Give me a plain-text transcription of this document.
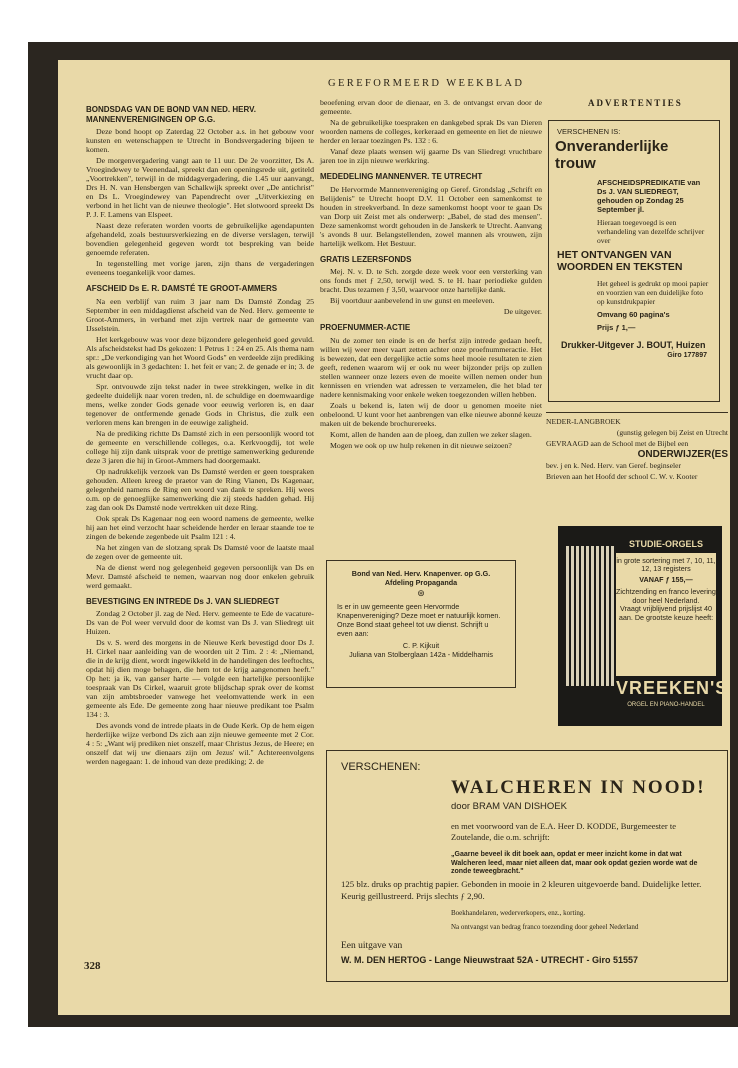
GEREFORMEERD WEEKBLAD
BONDSDAG VAN DE BOND VAN NED. HERV. MANNENVERENIGINGEN OP G.G.

Deze bond hoopt op Zaterdag 22 October a.s. in het gebouw voor kunsten en wetenschappen te Utrecht in Bondsvergadering bijeen te komen.

De morgenvergadering vangt aan te 11 uur. De 2e voorzitter, Ds A. Vroegindewey te Veenendaal, spreekt dan een openingsrede uit, getiteld „Voortrekken", terwijl in de middagvergadering, die 1.45 uur aanvangt, Drs H. N. van Hensbergen van Schalkwijk spreekt over „De antichrist" en Ds L. Vroegindewey van Papendrecht over „Uitverkiezing en verbond in het licht van de nieuwe theologie". Het slotwoord spreekt Ds P. J. F. Lamens van Elspeet.

Naast deze referaten worden voorts de gebruikelijke agendapunten afgehandeld, zoals bestuursverkiezing en de diverse verslagen, terwijl bovendien gelegenheid gegeven wordt tot bespreking van beide genoemde referaten.

In tegenstelling met vorige jaren, zijn thans de vergaderingen eveneens toegankelijk voor dames.

AFSCHEID Ds E. R. DAMSTÉ TE GROOT-AMMERS

Na een verblijf van ruim 3 jaar nam Ds Damsté Zondag 25 September in een middagdienst afscheid van de Ned. Herv. gemeente te Groot-Ammers, in verband met zijn vertrek naar de gemeente van IJsselstein.

Het kerkgebouw was voor deze bijzondere gelegenheid goed gevuld. Als afscheidstekst had Ds gekozen: 1 Petrus 1 : 24 en 25. Als thema nam spr.: „De verkondiging van het Woord Gods" en verdeelde zijn prediking als gewoonlijk in 3 gedachten: 1. het feit er van; 2. de genade er in; 3. de vrucht daar op.

Spr. ontvouwde zijn tekst nader in twee strekkingen, welke in dit gedeelte duidelijk naar voren treden, nl. de schuldige en doemwaardige mens, welke zonder Gods genade voor eeuwig verloren is, en daar tegenover de ontfermende genade Gods in Christus, die zulk een verloren mens kan brengen in de eeuwige zaligheid.

Na de prediking richtte Ds Damsté zich in een persoonlijk woord tot de gemeente en verschillende colleges, o.a. Kerkvoogdij, tot wele college hij zijn dank uitsprak voor de prettige samenwerking gedurende deze 3 jaren die hij in Groot-Ammers had doorgemaakt.

Op nadrukkelijk verzoek van Ds Damsté werden er geen toespraken gehouden. Alleen kreeg de praetor van de Ring Vianen, Ds Kagenaar, gelegenheid namens de Ring een woord van dank te spreken. Hij wees o.m. op de genoeglijke samenwerking die zij steeds hadden gehad. Hij zag dan ook Ds Damsté node vertrekken uit deze Ring.

Ook sprak Ds Kagenaar nog een woord namens de gemeente, welke hij aan het eind verzocht haar scheidende herder en leraar staande toe te zingen de bekende zegenbede uit Psalm 121 : 4.

Na het zingen van de slotzang sprak Ds Damsté voor de laatste maal de zegen over de gemeente uit.

Na de dienst werd nog gelegenheid gegeven persoonlijk van Ds en Mevr. Damsté afscheid te nemen, waarvan nog door enkelen gebruik werd gemaakt.

BEVESTIGING EN INTREDE Ds J. VAN SLIEDREGT

Zondag 2 October jl. zag de Ned. Herv. gemeente te Ede de vacature-Ds van de Pol weer vervuld door de komst van Ds J. van Sliedregt uit Huizen.

Ds v. S. werd des morgens in de Nieuwe Kerk bevestigd door Ds J. H. Cirkel naar aanleiding van de woorden uit 2 Tim. 2 : 4: „Niemand, die in de krijg dient, wordt ingewikkeld in de handelingen des leeftochts, opdat hij dien moge behagen, die hem tot de krijg aangenomen heeft." Op het: ja ik, van ganser harte — volgde een hartelijke persoonlijke toespraak van Ds Cirkel, waaruit grote blijdschap sprak over de komst van zijn ambtsbroeder vanwege het veelomvattende werk in een gemeente als Ede. De gemeente zong haar nieuwe predikant toe Psalm 134 : 3.

Des avonds vond de intrede plaats in de Oude Kerk. Op de hem eigen herderlijke wijze verbond Ds zich aan zijn nieuwe gemeente met 2 Cor. 4 : 5: „Want wij prediken niet onszelf, maar Christus Jezus, de Heere; en onszelf dat wij uw dienaars zijn om Jezus' wil." Achtereenvolgens werden nagegaan: 1. de inhoud van deze prediking; 2. de

beoefening ervan door de dienaar, en 3. de ontvangst ervan door de gemeente.

Na de gebruikelijke toespraken en dankgebed sprak Ds van Dieren woorden namens de colleges, kerkeraad en gemeente en liet de nieuwe herder en leraar toezingen Ps. 132 : 6.

Vanaf deze plaats wensen wij gaarne Ds van Sliedregt vruchtbare jaren toe in zijn nieuwe werkkring.

MEDEDELING MANNENVER. TE UTRECHT

De Hervormde Mannenvereniging op Geref. Grondslag „Schrift en Belijdenis" te Utrecht hoopt D.V. 11 October een samenkomst te houden in streekverband. In deze samenkomst hoopt voor te gaan Ds van Dorp uit Zeist met als onderwerp: „Babel, de stad des mensen". Deze samenkomst wordt gehouden in de Janskerk te Utrecht. Aanvang 's avonds 8 uur. Belangstellenden, zowel mannen als vrouwen, zijn hartelijk welkom. Het Bestuur.

GRATIS LEZERSFONDS

Mej. N. v. D. te Sch. zorgde deze week voor een versterking van ons fonds met ƒ 2,50, terwijl wed. S. te H. haar periodieke gulden bracht. Dus tezamen ƒ 3,50, waarvoor onze hartelijke dank.

Bij voortduur aanbevelend in uw gunst en meeleven.

De uitgever.

PROEFNUMMER-ACTIE

Nu de zomer ten einde is en de herfst zijn intrede gedaan heeft, willen wij weer meer vaart zetten achter onze proefnummeractie. Het is bewezen, dat een dergelijke actie soms heel mooie resultaten te zien geeft, redenen waarom wij er ook nu weer bijzonder prijs op zullen stellen wanneer onze lezers even de moeite willen nemen onder hun kennissen en vrienden wat adressen te verzamelen, die het blad ter nadere kennismaking voor enkele weken toegezonden willen hebben.

Zoals u bekend is, laten wij de door u genomen moeite niet onbeloond. U kunt voor het aanbrengen van elke nieuwe abonné keuze maken uit de bekende brochurereeks.

Komt, allen de handen aan de ploeg, dan zullen we zeker slagen.

Mogen we ook op uw hulp rekenen in dit nieuwe seizoen?

Bond van Ned. Herv. Knapenver. op G.G.
Afdeling Propaganda
⊛
Is er in uw gemeente geen Hervormde Knapenvereniging? Deze moet er natuurlijk komen. Onze Bond staat geheel tot uw dienst. Schrijft u even aan:
C. P. Kijkuit
Juliana van Stolberglaan 142a - Middelharnis
ADVERTENTIES
VERSCHENEN IS:
Onveranderlijke trouw
AFSCHEIDSPREDIKATIE van Ds J. VAN SLIEDREGT, gehouden op Zondag 25 September jl.
Hieraan toegevoegd is een verhandeling van dezelfde schrijver over
HET ONTVANGEN VAN WOORDEN EN TEKSTEN
Het geheel is gedrukt op mooi papier en voorzien van een duidelijke foto op kunstdrukpapier
Omvang 60 pagina's
Prijs ƒ 1,—
Drukker-Uitgever J. BOUT, Huizen
Giro 177897
NEDER-LANGBROEK
(gunstig gelegen bij Zeist en Utrecht
GEVRAAGD aan de School met de Bijbel een
ONDERWIJZER(ES
bev. j en k. Ned. Herv. van Geref. beginseler
Brieven aan het Hoofd der school C. W. v. Kooter
STUDIE-ORGELS
in grote sortering met 7, 10, 11, 12, 13 registers
VANAF ƒ 155,—
Zichtzending en franco levering door heel Nederland.
Vraagt vrijblijvend prijslijst 40 aan. De grootste keuze heeft:
VREEKEN'S
ORGEL EN PIANO-HANDEL
VERSCHENEN:
WALCHEREN IN NOOD!
door BRAM VAN DISHOEK
en met voorwoord van de E.A. Heer D. KODDE, Burgemeester te Zoutelande, die o.m. schrijft:
„Gaarne beveel ik dit boek aan, opdat er meer inzicht kome in dat wat Walcheren leed, maar niet alleen dat, maar ook opdat gezien worde wat de zonde teweegbracht."
125 blz. druks op prachtig papier. Gebonden in mooie in 2 kleuren uitgevoerde band. Duidelijke letter. Keurig geïllustreerd. Prijs slechts ƒ 2,90.
Boekhandelaren, wederverkopers, enz., korting.
Na ontvangst van bedrag franco toezending door geheel Nederland
Een uitgave van
W. M. DEN HERTOG - Lange Nieuwstraat 52A - UTRECHT - Giro 51557
328
